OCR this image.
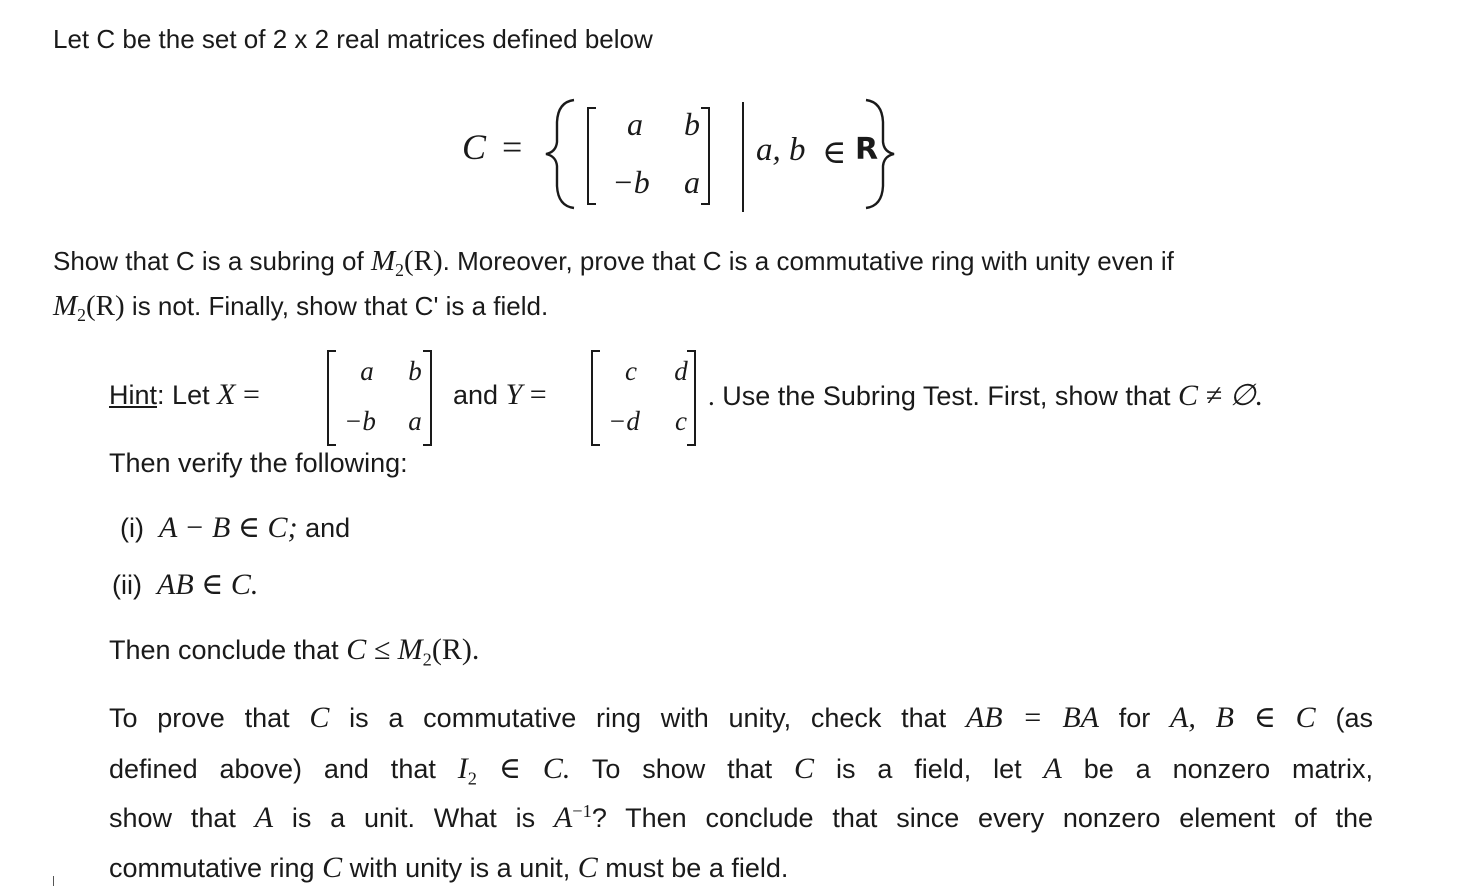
Let C be the set of 2 x 2 real matrices defined below
C =
a	b
−b	a
a, b ∈ R
Show that C is a subring of $M_2(R)$. Moreover, prove that C is a commutative ring with unity even if
$M_2(R)$ is not. Finally, show that C' is a field.
Hint: Let X =
a	b
−b	a
and Y =
c	d
−d	c
. Use the Subring Test. First, show that C ≠ ∅.
Then verify the following:
(i) A − B ∈ C; and
(ii) AB ∈ C.
Then conclude that $C \le M_2(R)$.
To prove that C is a commutative ring with unity, check that AB = BA for A, B ∈ C (as
defined above) and that $I_2$ ∈ C. To show that C is a field, let A be a nonzero matrix,
show that A is a unit. What is $A^{-1}$? Then conclude that since every nonzero element of the
commutative ring C with unity is a unit, C must be a field.
